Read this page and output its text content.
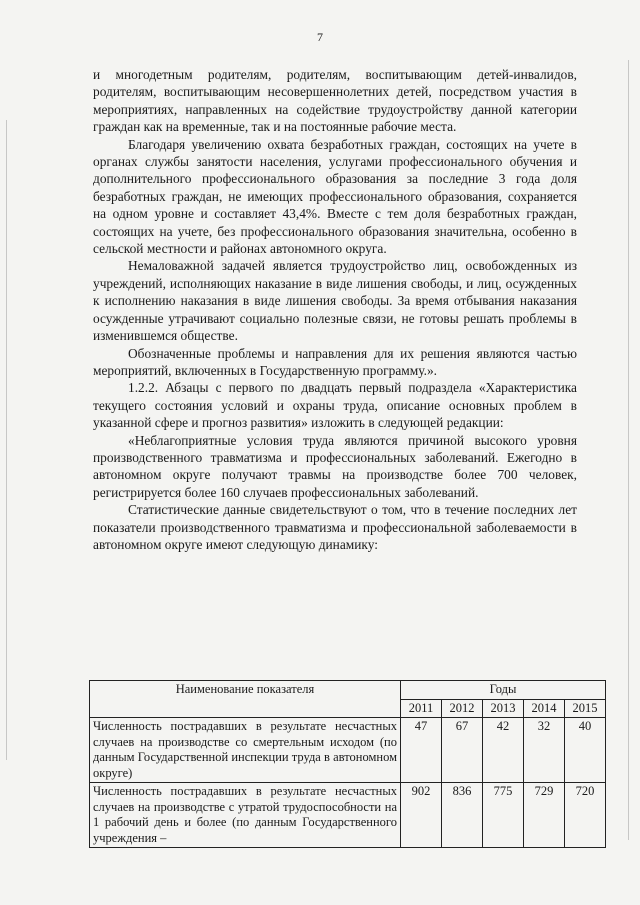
7

и многодетным родителям, родителям, воспитывающим детей-инвалидов, родителям, воспитывающим несовершеннолетних детей, посредством участия в мероприятиях, направленных на содействие трудоустройству данной категории граждан как на временные, так и на постоянные рабочие места.

Благодаря увеличению охвата безработных граждан, состоящих на учете в органах службы занятости населения, услугами профессионального обучения и дополнительного профессионального образования за последние 3 года доля безработных граждан, не имеющих профессионального образования, сохраняется на одном уровне и составляет 43,4%. Вместе с тем доля безработных граждан, состоящих на учете, без профессионального образования значительна, особенно в сельской местности и районах автономного округа.

Немаловажной задачей является трудоустройство лиц, освобожденных из учреждений, исполняющих наказание в виде лишения свободы, и лиц, осужденных к исполнению наказания в виде лишения свободы. За время отбывания наказания осужденные утрачивают социально полезные связи, не готовы решать проблемы в изменившемся обществе.

Обозначенные проблемы и направления для их решения являются частью мероприятий, включенных в Государственную программу.».

1.2.2. Абзацы с первого по двадцать первый подраздела «Характеристика текущего состояния условий и охраны труда, описание основных проблем в указанной сфере и прогноз развития» изложить в следующей редакции:

«Неблагоприятные условия труда являются причиной высокого уровня производственного травматизма и профессиональных заболеваний. Ежегодно в автономном округе получают травмы на производстве более 700 человек, регистрируется более 160 случаев профессиональных заболеваний.

Статистические данные свидетельствуют о том, что в течение последних лет показатели производственного травматизма и профессиональной заболеваемости в автономном округе имеют следующую динамику:

Наименование показателя	Годы				
	2011	2012	2013	2014	2015
Численность пострадавших в результате несчастных случаев на производстве со смертельным исходом (по данным Государственной инспекции труда в автономном округе)	47	67	42	32	40
Численность пострадавших в результате несчастных случаев на производстве с утратой трудоспособности на 1 рабочий день и более (по данным Государственного учреждения –	902	836	775	729	720
